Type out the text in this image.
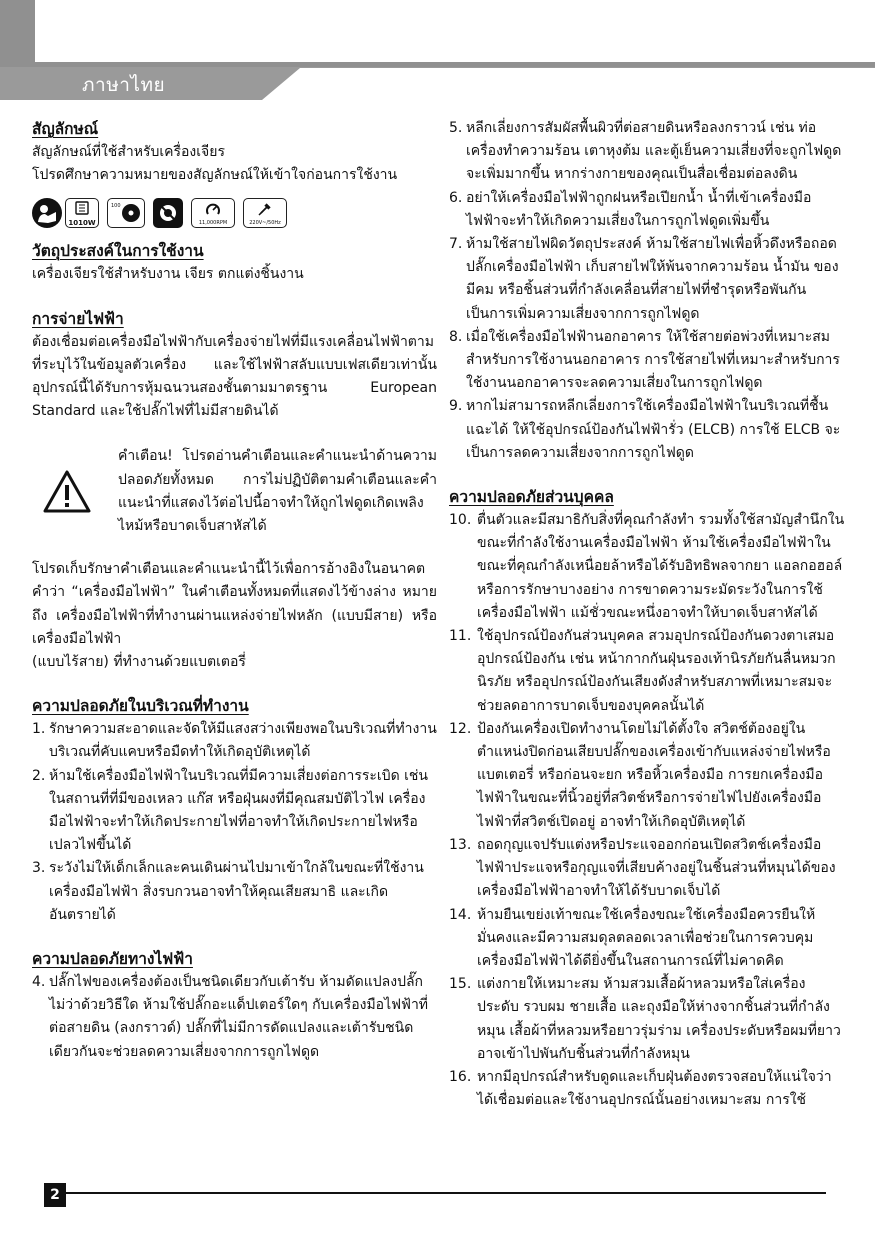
ภาษาไทย
สัญลักษณ์

สัญลักษณ์ที่ใช้สำหรับเครื่องเจียร

โปรดศึกษาความหมายของสัญลักษณ์ให้เข้าใจก่อนการใช้งาน

1010W
100
11,000RPM	220V~/50Hz
วัตถุประสงค์ในการใช้งาน

เครื่องเจียรใช้สำหรับงาน เจียร ตกแต่งชิ้นงาน

การจ่ายไฟฟ้า

ต้องเชื่อมต่อเครื่องมือไฟฟ้ากับเครื่องจ่ายไฟที่มีแรงเคลื่อนไฟฟ้าตามที่ระบุไว้ในข้อมูลตัวเครื่อง และใช้ไฟฟ้าสลับแบบเฟสเดียวเท่านั้นอุปกรณ์นี้ได้รับการหุ้มฉนวนสองชั้นตามมาตรฐาน European Standard และใช้ปลั๊กไฟที่ไม่มีสายดินได้

คำเตือน! โปรดอ่านคำเตือนและคำแนะนำด้านความปลอดภัยทั้งหมด การไม่ปฏิบัติตามคำเตือนและคำแนะนำที่แสดงไว้ต่อไปนี้อาจทำให้ถูกไฟดูดเกิดเพลิงไหม้หรือบาดเจ็บสาหัสได้

โปรดเก็บรักษาคำเตือนและคำแนะนำนี้ไว้เพื่อการอ้างอิงในอนาคต คำว่า “เครื่องมือไฟฟ้า” ในคำเตือนทั้งหมดที่แสดงไว้ข้างล่าง หมายถึง เครื่องมือไฟฟ้าที่ทำงานผ่านแหล่งจ่ายไฟหลัก (แบบมีสาย) หรือเครื่องมือไฟฟ้า

(แบบไร้สาย) ที่ทำงานด้วยแบตเตอรี่

ความปลอดภัยในบริเวณที่ทำงาน
1. รักษาความสะอาดและจัดให้มีแสงสว่างเพียงพอในบริเวณที่ทำงาน บริเวณที่คับแคบหรือมืดทำให้เกิดอุบัติเหตุได้
2. ห้ามใช้เครื่องมือไฟฟ้าในบริเวณที่มีความเสี่ยงต่อการระเบิด เช่น ในสถานที่ที่มีของเหลว แก๊ส หรือฝุ่นผงที่มีคุณสมบัติไวไฟ เครื่องมือไฟฟ้าจะทำให้เกิดประกายไฟที่อาจทำให้เกิดประกายไฟหรือเปลวไฟขึ้นได้
3. ระวังไม่ให้เด็กเล็กและคนเดินผ่านไปมาเข้าใกล้ในขณะที่ใช้งานเครื่องมือไฟฟ้า สิ่งรบกวนอาจทำให้คุณเสียสมาธิ และเกิดอันตรายได้
ความปลอดภัยทางไฟฟ้า
4. ปลั๊กไฟของเครื่องต้องเป็นชนิดเดียวกับเต้ารับ ห้ามดัดแปลงปลั๊กไม่ว่าด้วยวิธีใด ห้ามใช้ปลั๊กอะแด็ปเตอร์ใดๆ กับเครื่องมือไฟฟ้าที่ต่อสายดิน (ลงกราวด์) ปลั๊กที่ไม่มีการดัดแปลงและเต้ารับชนิดเดียวกันจะช่วยลดความเสี่ยงจากการถูกไฟดูด
5. หลีกเลี่ยงการสัมผัสพื้นผิวที่ต่อสายดินหรือลงกราวน์ เช่น ท่อ เครื่องทำความร้อน เตาหุงต้ม และตู้เย็นความเสี่ยงที่จะถูกไฟดูดจะเพิ่มมากขึ้น หากร่างกายของคุณเป็นสื่อเชื่อมต่อลงดิน
6. อย่าให้เครื่องมือไฟฟ้าถูกฝนหรือเปียกน้ำ น้ำที่เข้าเครื่องมือไฟฟ้าจะทำให้เกิดความเสี่ยงในการถูกไฟดูดเพิ่มขึ้น
7. ห้ามใช้สายไฟผิดวัตถุประสงค์ ห้ามใช้สายไฟเพื่อหิ้วดึงหรือถอดปลั๊กเครื่องมือไฟฟ้า เก็บสายไฟให้พ้นจากความร้อน น้ำมัน ของมีคม หรือชิ้นส่วนที่กำลังเคลื่อนที่สายไฟที่ชำรุดหรือพันกันเป็นการเพิ่มความเสี่ยงจากการถูกไฟดูด
8. เมื่อใช้เครื่องมือไฟฟ้านอกอาคาร ให้ใช้สายต่อพ่วงที่เหมาะสมสำหรับการใช้งานนอกอาคาร การใช้สายไฟที่เหมาะสำหรับการใช้งานนอกอาคารจะลดความเสี่ยงในการถูกไฟดูด
9. หากไม่สามารถหลีกเลี่ยงการใช้เครื่องมือไฟฟ้าในบริเวณที่ชื้นแฉะได้ ให้ใช้อุปกรณ์ป้องกันไฟฟ้ารั่ว (ELCB) การใช้ ELCB จะเป็นการลดความเสี่ยงจากการถูกไฟดูด
ความปลอดภัยส่วนบุคคล
10. ตื่นตัวและมีสมาธิกับสิ่งที่คุณกำลังทำ รวมทั้งใช้สามัญสำนึกในขณะที่กำลังใช้งานเครื่องมือไฟฟ้า ห้ามใช้เครื่องมือไฟฟ้าในขณะที่คุณกำลังเหนื่อยล้าหรือได้รับอิทธิพลจากยา แอลกอฮอล์ หรือการรักษาบางอย่าง การขาดความระมัดระวังในการใช้เครื่องมือไฟฟ้า แม้ชั่วขณะหนึ่งอาจทำให้บาดเจ็บสาหัสได้
11. ใช้อุปกรณ์ป้องกันส่วนบุคคล สวมอุปกรณ์ป้องกันดวงตาเสมอ อุปกรณ์ป้องกัน เช่น หน้ากากกันฝุ่นรองเท้านิรภัยกันลื่นหมวกนิรภัย หรืออุปกรณ์ป้องกันเสียงดังสำหรับสภาพที่เหมาะสมจะช่วยลดอาการบาดเจ็บของบุคคลนั้นได้
12. ป้องกันเครื่องเปิดทำงานโดยไม่ได้ตั้งใจ สวิตช์ต้องอยู่ในตำแหน่งปิดก่อนเสียบปลั๊กของเครื่องเข้ากับแหล่งจ่ายไฟหรือแบตเตอรี่ หรือก่อนจะยก หรือหิ้วเครื่องมือ การยกเครื่องมือไฟฟ้าในขณะที่นิ้วอยู่ที่สวิตช์หรือการจ่ายไฟไปยังเครื่องมือไฟฟ้าที่สวิตช์เปิดอยู่ อาจทำให้เกิดอุบัติเหตุได้
13. ถอดกุญแจปรับแต่งหรือประแจออกก่อนเปิดสวิตช์เครื่องมือไฟฟ้าประแจหรือกุญแจที่เสียบค้างอยู่ในชิ้นส่วนที่หมุนได้ของเครื่องมือไฟฟ้าอาจทำให้ได้รับบาดเจ็บได้
14. ห้ามยืนเขย่งเท้าขณะใช้เครื่องขณะใช้เครื่องมือควรยืนให้มั่นคงและมีความสมดุลตลอดเวลาเพื่อช่วยในการควบคุมเครื่องมือไฟฟ้าได้ดียิ่งขึ้นในสถานการณ์ที่ไม่คาดคิด
15. แต่งกายให้เหมาะสม ห้ามสวมเสื้อผ้าหลวมหรือใส่เครื่องประดับ รวบผม ชายเสื้อ และถุงมือให้ห่างจากชิ้นส่วนที่กำลังหมุน เสื้อผ้าที่หลวมหรือยาวรุ่มร่าม เครื่องประดับหรือผมที่ยาว อาจเข้าไปพันกับชิ้นส่วนที่กำลังหมุน
16. หากมีอุปกรณ์สำหรับดูดและเก็บฝุ่นต้องตรวจสอบให้แน่ใจว่าได้เชื่อมต่อและใช้งานอุปกรณ์นั้นอย่างเหมาะสม การใช้
2
